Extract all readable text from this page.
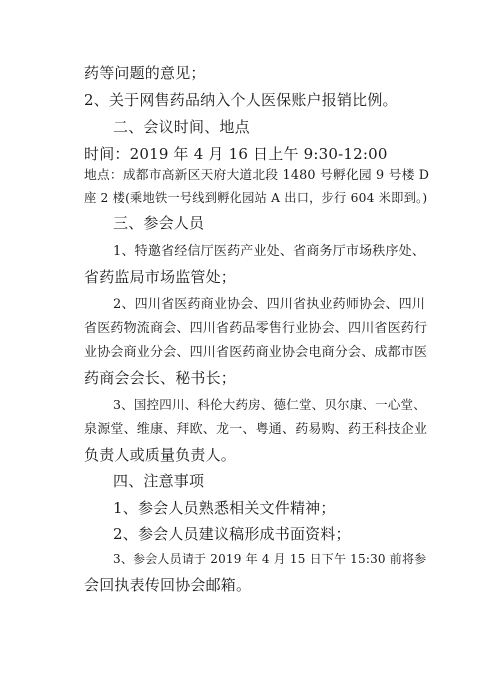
药等问题的意见；
2、关于网售药品纳入个人医保账户报销比例。
二、会议时间、地点
时间：2019 年 4 月 16 日上午 9:30-12:00
地点：成都市高新区天府大道北段 1480 号孵化园 9 号楼 D
座 2 楼(乘地铁一号线到孵化园站 A 出口，步行 604 米即到。)
三、参会人员
1、特邀省经信厅医药产业处、省商务厅市场秩序处、
省药监局市场监管处；
2、四川省医药商业协会、四川省执业药师协会、四川
省医药物流商会、四川省药品零售行业协会、四川省医药行
业协会商业分会、四川省医药商业协会电商分会、成都市医
药商会会长、秘书长；
3、国控四川、科伦大药房、德仁堂、贝尔康、一心堂、
泉源堂、维康、拜欧、龙一、粤通、药易购、药王科技企业
负责人或质量负责人。
四、注意事项
1、参会人员熟悉相关文件精神；
2、参会人员建议稿形成书面资料；
3、参会人员请于 2019 年 4 月 15 日下午 15:30 前将参
会回执表传回协会邮箱。
